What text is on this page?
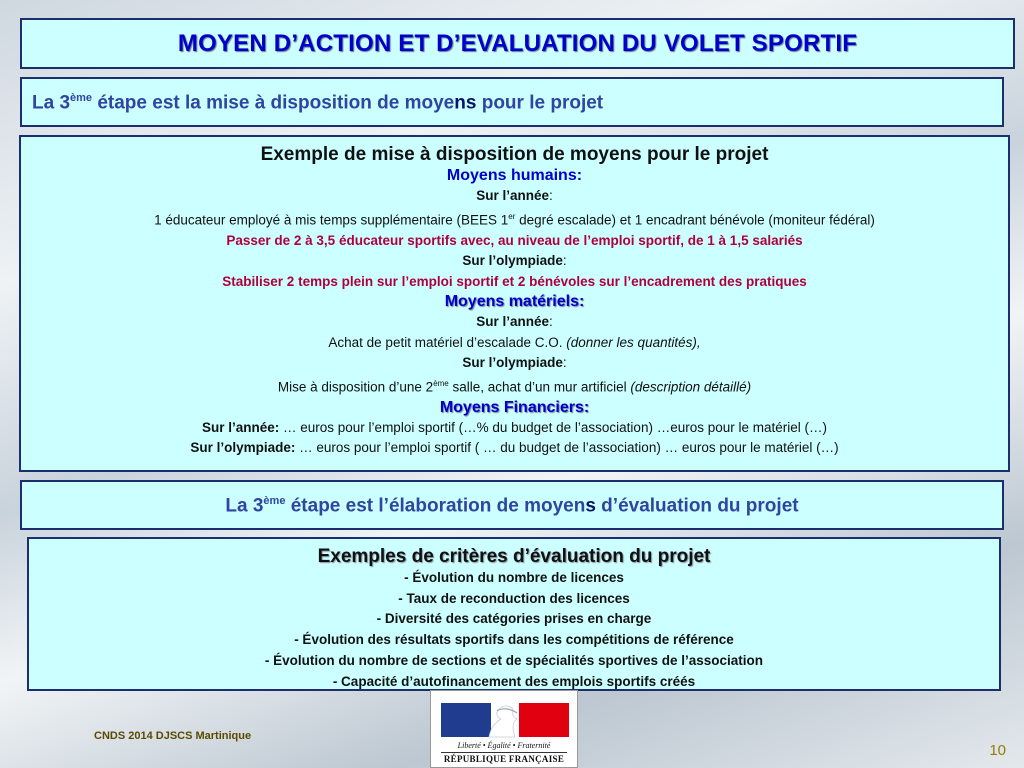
MOYEN D’ACTION ET D’EVALUATION DU VOLET SPORTIF
La 3ème étape est la mise à disposition de moyens pour le projet
Exemple de mise à disposition de moyens pour le projet
Moyens humains:
Sur l’année:
1 éducateur employé à mis temps supplémentaire (BEES 1er degré escalade) et 1 encadrant bénévole (moniteur fédéral)
Passer de 2 à 3,5 éducateur sportifs avec, au niveau de l’emploi sportif, de 1 à 1,5 salariés
Sur l’olympiade:
Stabiliser 2 temps plein sur l’emploi sportif et 2 bénévoles sur l’encadrement des pratiques
Moyens matériels:
Sur l’année:
Achat de petit matériel d’escalade C.O. (donner les quantités),
Sur l’olympiade:
Mise à disposition d’une 2ème salle, achat d’un mur artificiel (description détaillé)
Moyens Financiers:
Sur l’année: … euros pour l’emploi sportif (…% du budget de l’association) …euros pour le matériel (…)
Sur l’olympiade: … euros pour l’emploi sportif ( … du budget de l’association) … euros pour le matériel (…)
La 3ème étape est l’élaboration de moyens d’évaluation du projet
Exemples de critères d’évaluation du projet
- Évolution du nombre de licences
- Taux de reconduction des licences
- Diversité des catégories prises en charge
- Évolution des résultats sportifs dans les compétitions de référence
- Évolution du nombre de sections et de spécialités sportives de l’association
- Capacité d’autofinancement des emplois sportifs créés
CNDS 2014 DJSCS Martinique
Liberté • Égalité • Fraternité
RÉPUBLIQUE FRANÇAISE	10
